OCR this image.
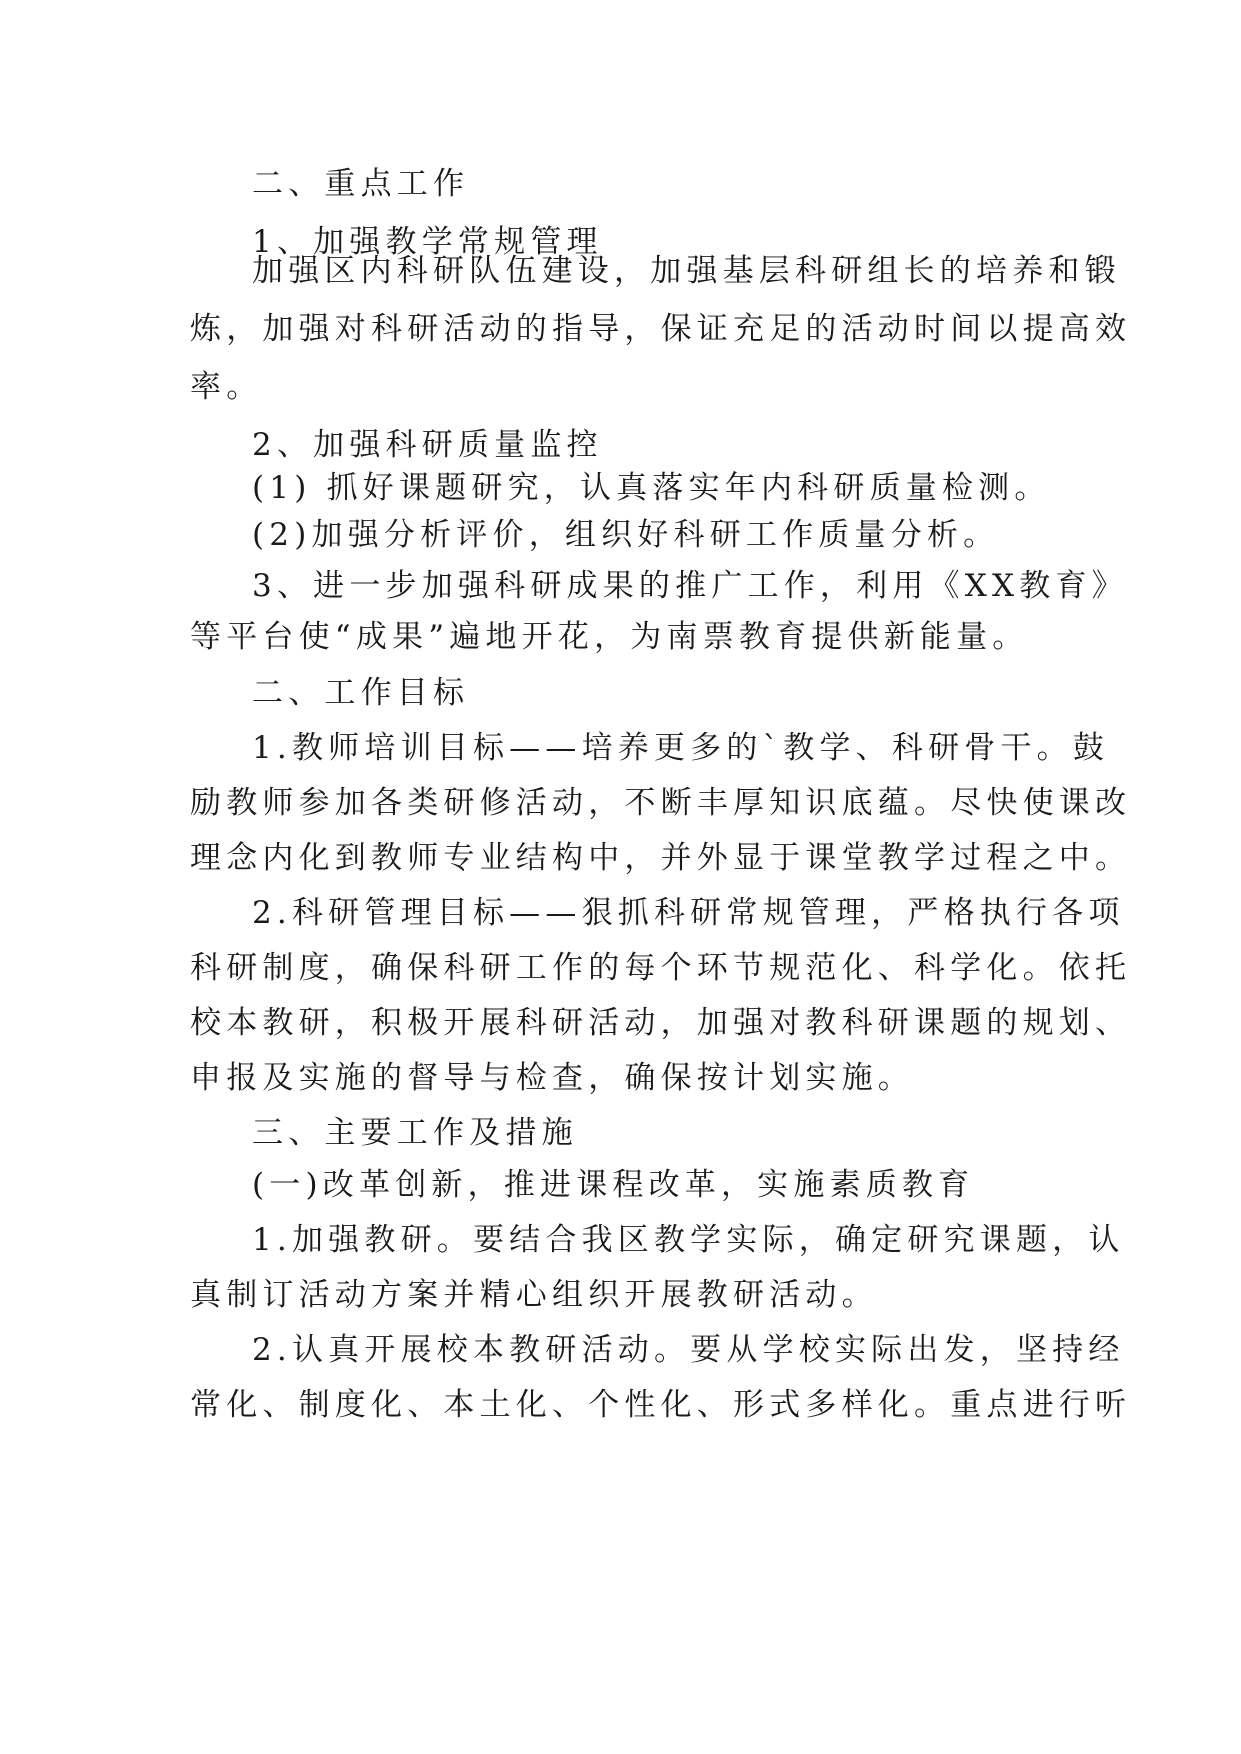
二、重点工作
1、加强教学常规管理
加强区内科研队伍建设，加强基层科研组长的培养和锻
炼，加强对科研活动的指导，保证充足的活动时间以提高效
率。
2、加强科研质量监控
(1) 抓好课题研究，认真落实年内科研质量检测。
(2)加强分析评价，组织好科研工作质量分析。
3、进一步加强科研成果的推广工作，利用《XX教育》
等平台使“成果”遍地开花，为南票教育提供新能量。
二、工作目标
1.教师培训目标——培养更多的`教学、科研骨干。鼓
励教师参加各类研修活动，不断丰厚知识底蕴。尽快使课改
理念内化到教师专业结构中，并外显于课堂教学过程之中。
2.科研管理目标——狠抓科研常规管理，严格执行各项
科研制度，确保科研工作的每个环节规范化、科学化。依托
校本教研，积极开展科研活动，加强对教科研课题的规划、
申报及实施的督导与检查，确保按计划实施。
三、主要工作及措施
(一)改革创新，推进课程改革，实施素质教育
1.加强教研。要结合我区教学实际，确定研究课题，认
真制订活动方案并精心组织开展教研活动。
2.认真开展校本教研活动。要从学校实际出发，坚持经
常化、制度化、本土化、个性化、形式多样化。重点进行听
